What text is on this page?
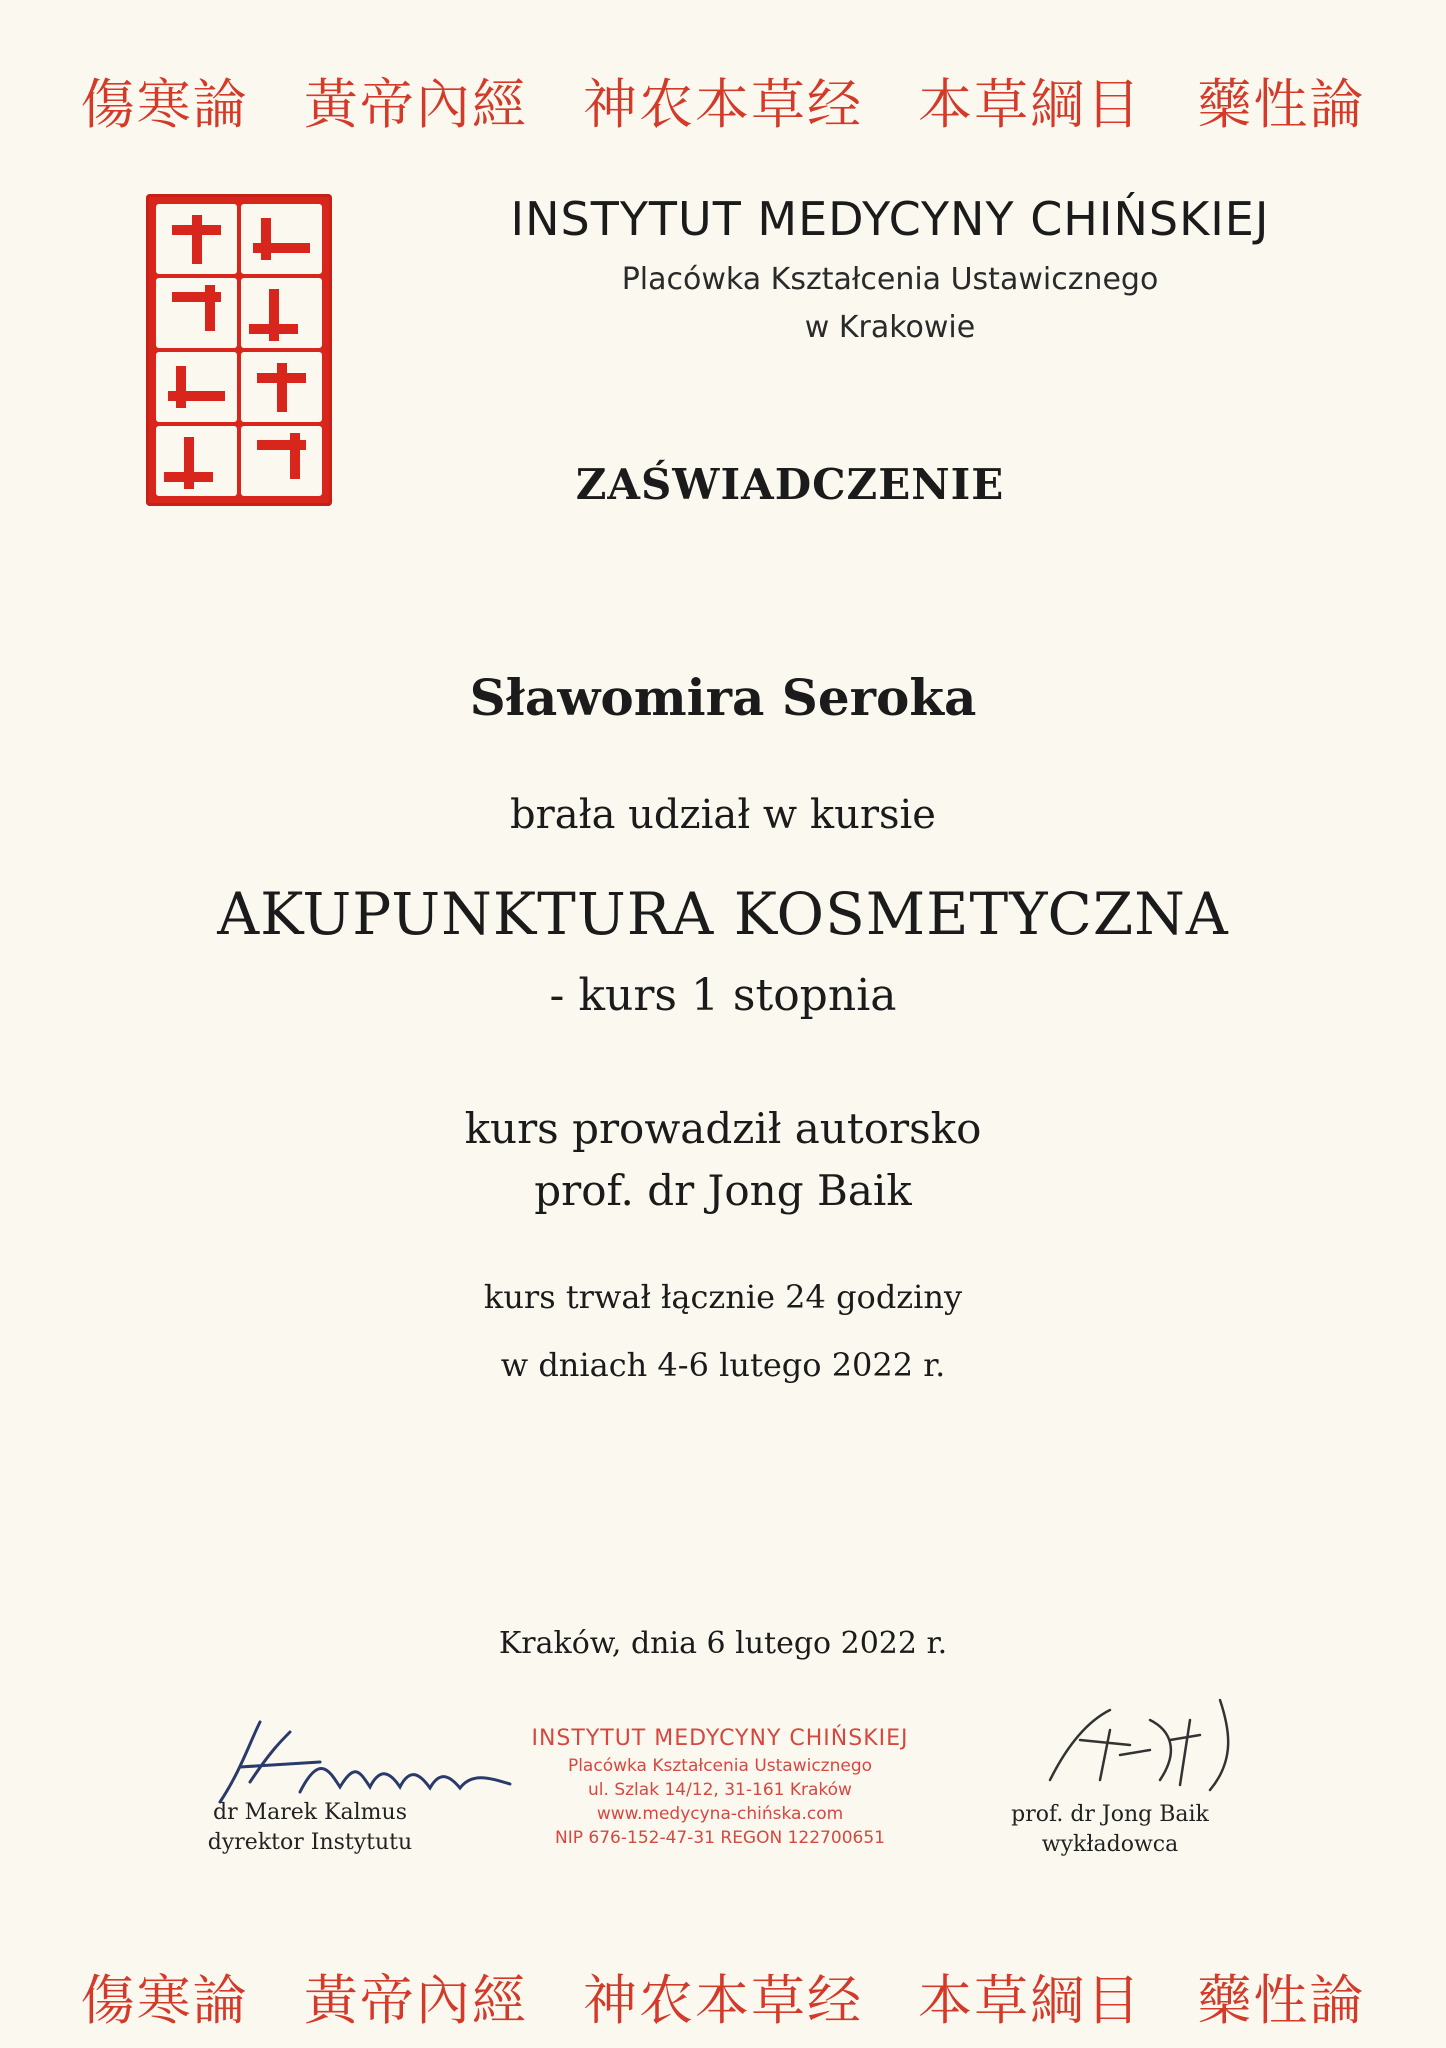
傷寒論 黃帝內經 神农本草经 本草綱目 藥性論
INSTYTUT MEDYCYNY CHIŃSKIEJ
Placówka Kształcenia Ustawicznego
w Krakowie
ZAŚWIADCZENIE
Sławomira Seroka
brała udział w kursie
AKUPUNKTURA KOSMETYCZNA
- kurs 1 stopnia
kurs prowadził autorsko
prof. dr Jong Baik
kurs trwał łącznie 24 godziny
w dniach 4-6 lutego 2022 r.
Kraków, dnia 6 lutego 2022 r.
dr Marek Kalmus
dyrektor Instytutu
prof. dr Jong Baik
wykładowca
INSTYTUT MEDYCYNY CHIŃSKIEJ
Placówka Kształcenia Ustawicznego
ul. Szlak 14/12, 31-161 Kraków
www.medycyna-chińska.com
NIP 676-152-47-31 REGON 122700651
傷寒論 黃帝內經 神农本草经 本草綱目 藥性論
